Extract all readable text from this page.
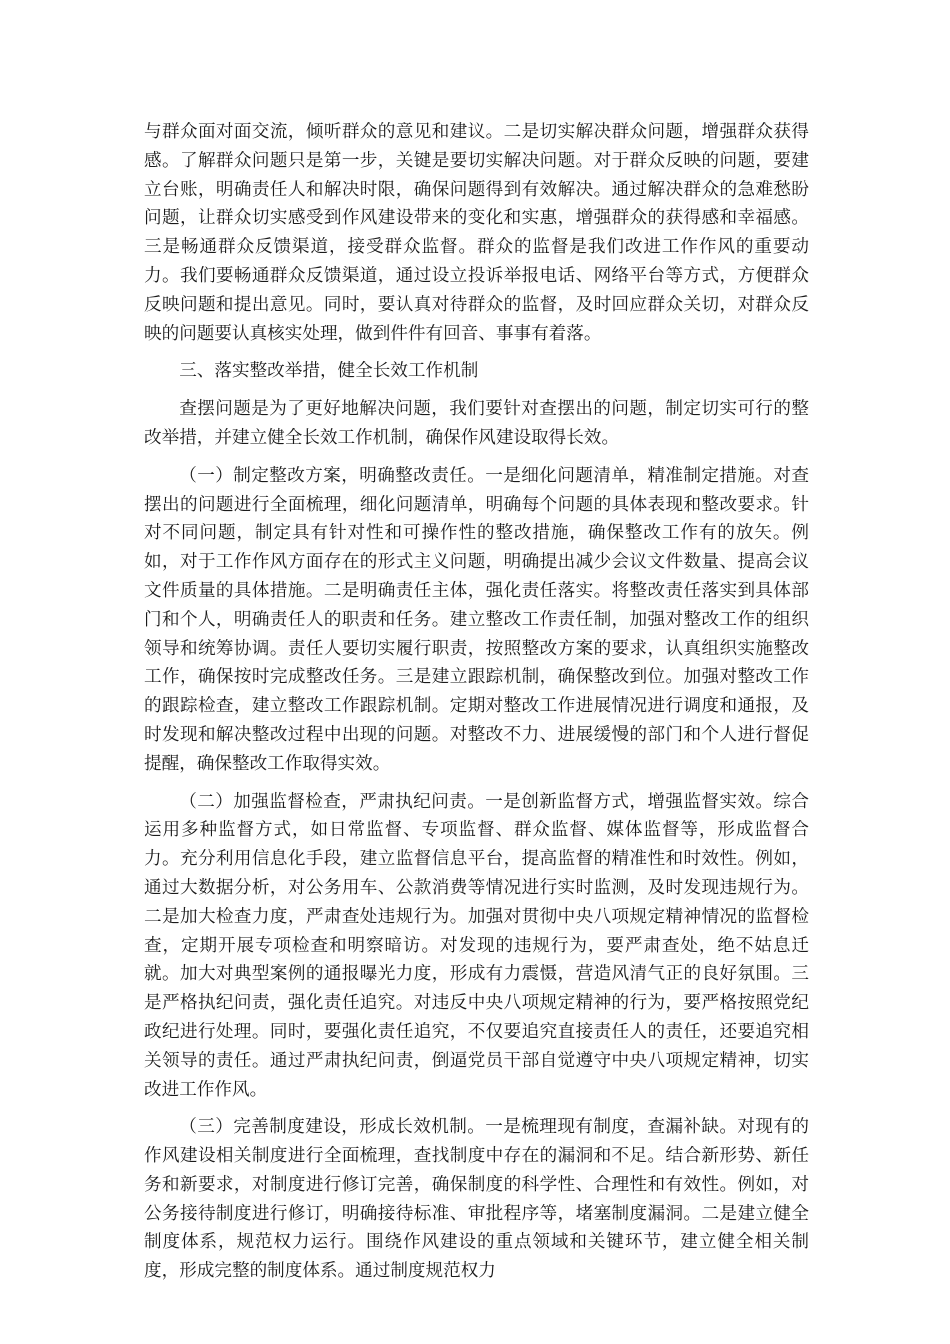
与群众面对面交流，倾听群众的意见和建议。二是切实解决群众问题，增强群众获得感。了解群众问题只是第一步，关键是要切实解决问题。对于群众反映的问题，要建立台账，明确责任人和解决时限，确保问题得到有效解决。通过解决群众的急难愁盼问题，让群众切实感受到作风建设带来的变化和实惠，增强群众的获得感和幸福感。三是畅通群众反馈渠道，接受群众监督。群众的监督是我们改进工作作风的重要动力。我们要畅通群众反馈渠道，通过设立投诉举报电话、网络平台等方式，方便群众反映问题和提出意见。同时，要认真对待群众的监督，及时回应群众关切，对群众反映的问题要认真核实处理，做到件件有回音、事事有着落。

三、落实整改举措，健全长效工作机制

查摆问题是为了更好地解决问题，我们要针对查摆出的问题，制定切实可行的整改举措，并建立健全长效工作机制，确保作风建设取得长效。

（一）制定整改方案，明确整改责任。一是细化问题清单，精准制定措施。对查摆出的问题进行全面梳理，细化问题清单，明确每个问题的具体表现和整改要求。针对不同问题，制定具有针对性和可操作性的整改措施，确保整改工作有的放矢。例如，对于工作作风方面存在的形式主义问题，明确提出减少会议文件数量、提高会议文件质量的具体措施。二是明确责任主体，强化责任落实。将整改责任落实到具体部门和个人，明确责任人的职责和任务。建立整改工作责任制，加强对整改工作的组织领导和统筹协调。责任人要切实履行职责，按照整改方案的要求，认真组织实施整改工作，确保按时完成整改任务。三是建立跟踪机制，确保整改到位。加强对整改工作的跟踪检查，建立整改工作跟踪机制。定期对整改工作进展情况进行调度和通报，及时发现和解决整改过程中出现的问题。对整改不力、进展缓慢的部门和个人进行督促提醒，确保整改工作取得实效。

（二）加强监督检查，严肃执纪问责。一是创新监督方式，增强监督实效。综合运用多种监督方式，如日常监督、专项监督、群众监督、媒体监督等，形成监督合力。充分利用信息化手段，建立监督信息平台，提高监督的精准性和时效性。例如，通过大数据分析，对公务用车、公款消费等情况进行实时监测，及时发现违规行为。二是加大检查力度，严肃查处违规行为。加强对贯彻中央八项规定精神情况的监督检查，定期开展专项检查和明察暗访。对发现的违规行为，要严肃查处，绝不姑息迁就。加大对典型案例的通报曝光力度，形成有力震慑，营造风清气正的良好氛围。三是严格执纪问责，强化责任追究。对违反中央八项规定精神的行为，要严格按照党纪政纪进行处理。同时，要强化责任追究，不仅要追究直接责任人的责任，还要追究相关领导的责任。通过严肃执纪问责，倒逼党员干部自觉遵守中央八项规定精神，切实改进工作作风。

（三）完善制度建设，形成长效机制。一是梳理现有制度，查漏补缺。对现有的作风建设相关制度进行全面梳理，查找制度中存在的漏洞和不足。结合新形势、新任务和新要求，对制度进行修订完善，确保制度的科学性、合理性和有效性。例如，对公务接待制度进行修订，明确接待标准、审批程序等，堵塞制度漏洞。二是建立健全制度体系，规范权力运行。围绕作风建设的重点领域和关键环节，建立健全相关制度，形成完整的制度体系。通过制度规范权力
